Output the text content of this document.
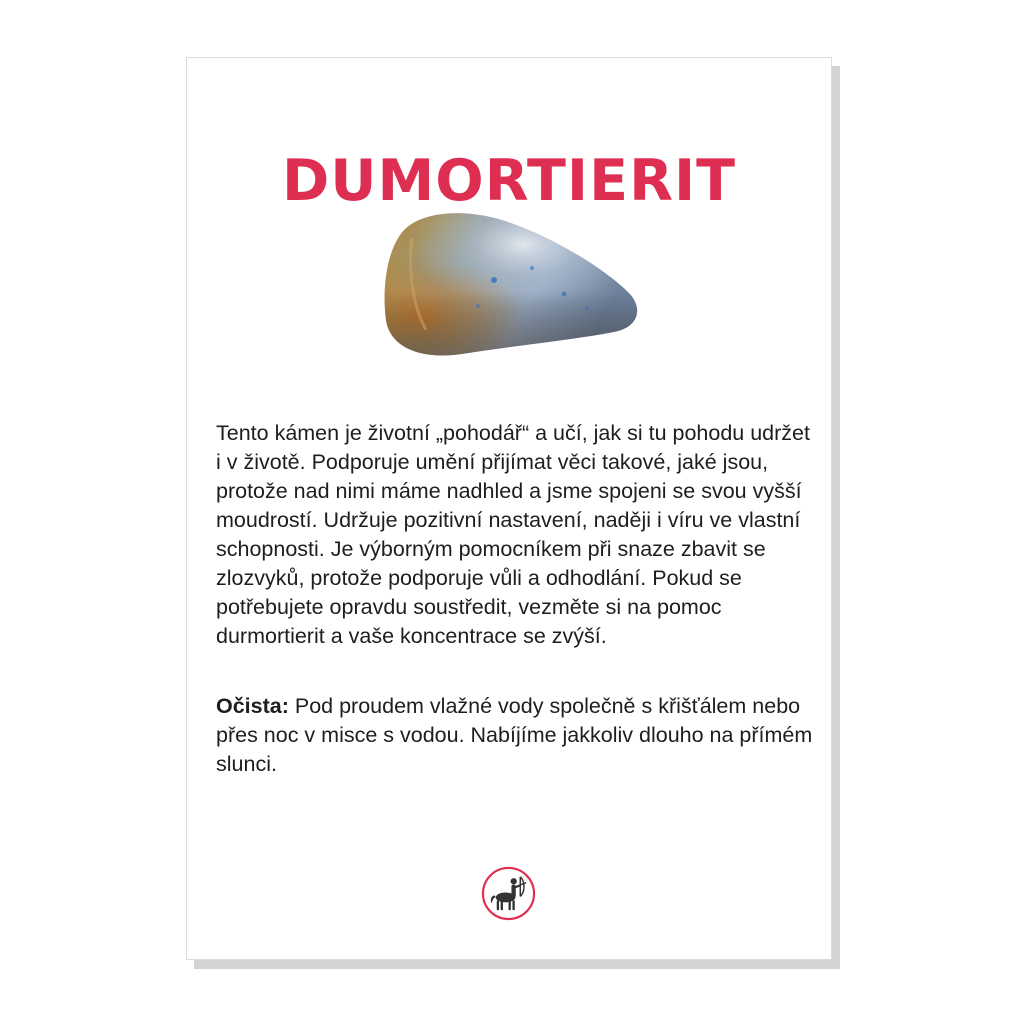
DUMORTIERIT

Tento kámen je životní „pohodář“ a učí, jak si tu pohodu udržet i v životě. Podporuje umění přijímat věci takové, jaké jsou, protože nad nimi máme nadhled a jsme spojeni se svou vyšší moudrostí. Udržuje pozitivní nastavení, naději i víru ve vlastní schopnosti. Je výborným pomocníkem při snaze zbavit se zlozvyků, protože podporuje vůli a odhodlání. Pokud se potřebujete opravdu soustředit, vezměte si na pomoc durmortierit a vaše koncentrace se zvýší.

Očista: Pod proudem vlažné vody společně s křišťálem nebo přes noc v misce s vodou. Nabíjíme jakkoliv dlouho na přímém slunci.
